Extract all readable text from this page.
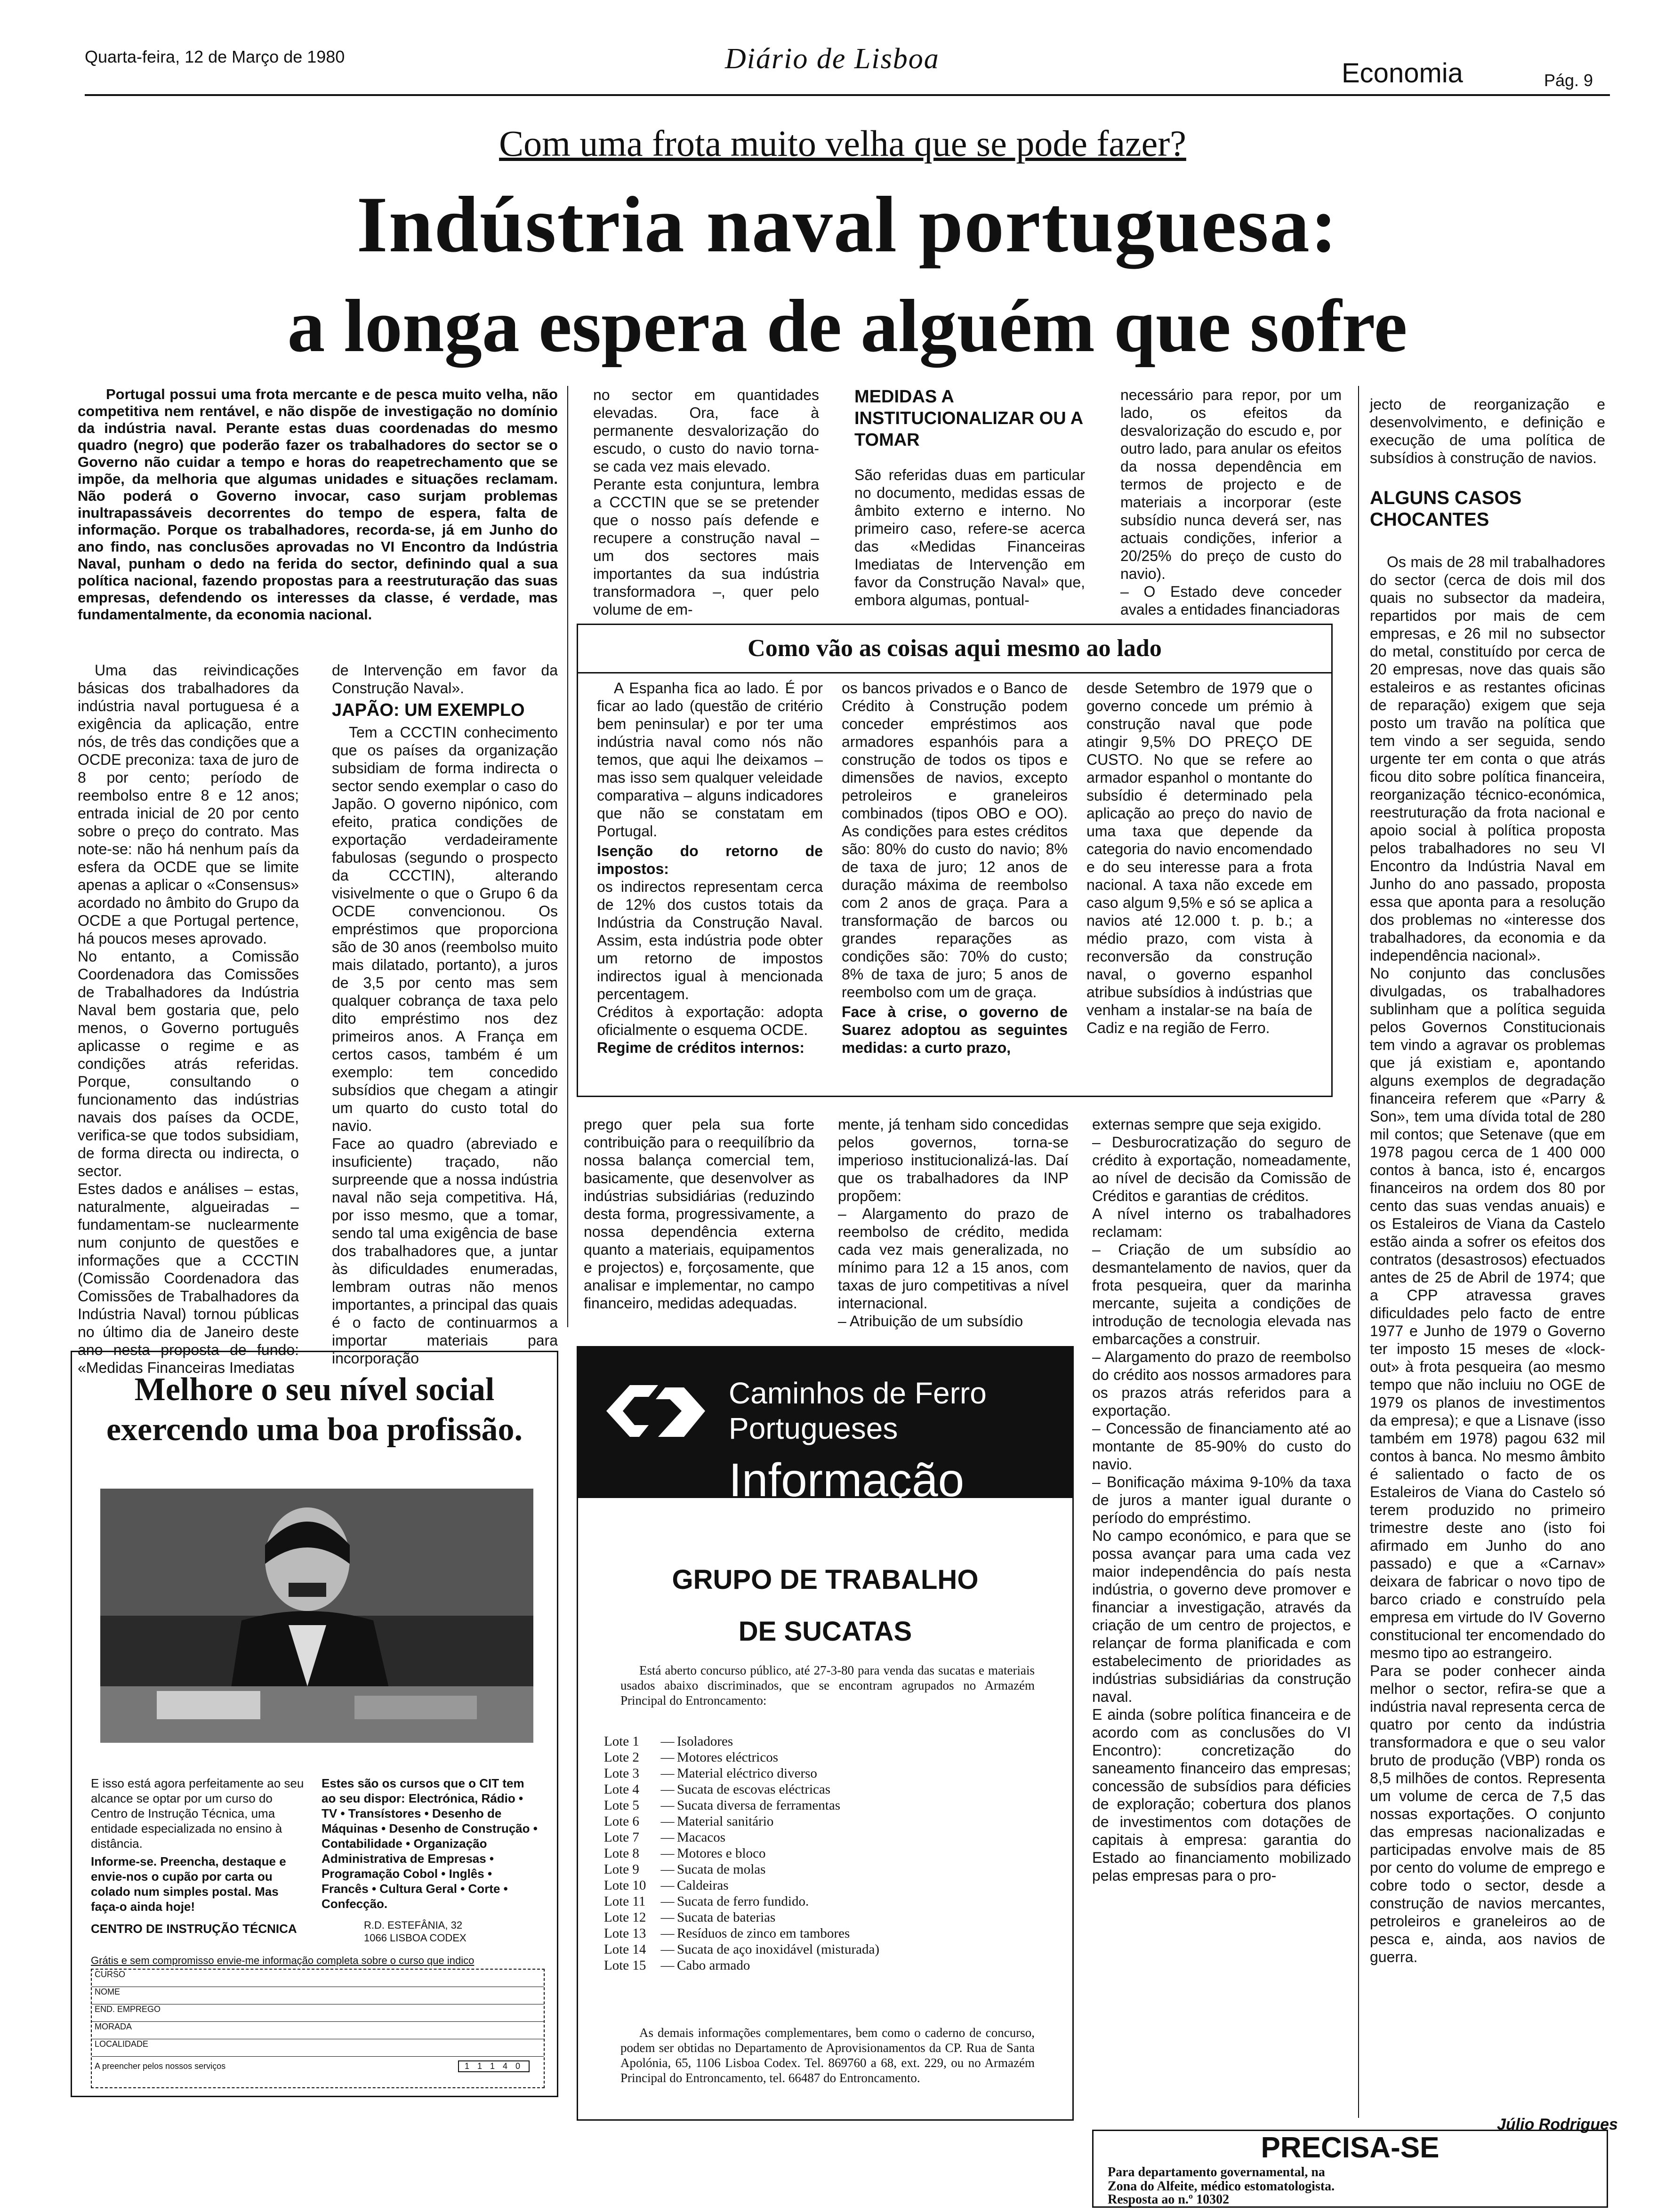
Quarta-feira, 12 de Março de 1980	Diário de Lisboa	Economia	Pág. 9
Com uma frota muito velha que se pode fazer?
Indústria naval portuguesa:
a longa espera de alguém que sofre
Portugal possui uma frota mercante e de pesca muito velha, não competitiva nem rentável, e não dispõe de investigação no domínio da indústria naval. Perante estas duas coordenadas do mesmo quadro (negro) que poderão fazer os trabalhadores do sector se o Governo não cuidar a tempo e horas do reapetrechamento que se impõe, da melhoria que algumas unidades e situações reclamam. Não poderá o Governo invocar, caso surjam problemas inultrapassáveis decorrentes do tempo de espera, falta de informação. Porque os trabalhadores, recorda-se, já em Junho do ano findo, nas conclusões aprovadas no VI Encontro da Indústria Naval, punham o dedo na ferida do sector, definindo qual a sua política nacional, fazendo propostas para a reestruturação das suas empresas, defendendo os interesses da classe, é verdade, mas fundamentalmente, da economia nacional.
no sector em quantidades elevadas. Ora, face à permanente desvalorização do escudo, o custo do navio torna-se cada vez mais elevado.
Perante esta conjuntura, lembra a CCCTIN que se se pretender que o nosso país defende e recupere a construção naval – um dos sectores mais importantes da sua indústria transformadora –, quer pelo volume de em-
MEDIDAS A INSTITUCIONALIZAR OU A TOMAR
São referidas duas em particular no documento, medidas essas de âmbito externo e interno. No primeiro caso, refere-se acerca das «Medidas Financeiras Imediatas de Intervenção em favor da Construção Naval» que, embora algumas, pontual-
necessário para repor, por um lado, os efeitos da desvalorização do escudo e, por outro lado, para anular os efeitos da nossa dependência em termos de projecto e de materiais a incorporar (este subsídio nunca deverá ser, nas actuais condições, inferior a 20/25% do preço de custo do navio).
– O Estado deve conceder avales a entidades financiadoras
jecto de reorganização e desenvolvimento, e definição e execução de uma política de subsídios à construção de navios.
ALGUNS CASOS CHOCANTES
Como vão as coisas aqui mesmo ao lado
A Espanha fica ao lado. É por ficar ao lado (questão de critério bem peninsular) e por ter uma indústria naval como nós não temos, que aqui lhe deixamos – mas isso sem qualquer veleidade comparativa – alguns indicadores que não se constatam em Portugal.
Isenção do retorno de impostos:
os indirectos representam cerca de 12% dos custos totais da Indústria da Construção Naval. Assim, esta indústria pode obter um retorno de impostos indirectos igual à mencionada percentagem.
Créditos à exportação: adopta oficialmente o esquema OCDE.
Regime de créditos internos:
os bancos privados e o Banco de Crédito à Construção podem conceder empréstimos aos armadores espanhóis para a construção de todos os tipos e dimensões de navios, excepto petroleiros e graneleiros combinados (tipos OBO e OO). As condições para estes créditos são: 80% do custo do navio; 8% de taxa de juro; 12 anos de duração máxima de reembolso com 2 anos de graça. Para a transformação de barcos ou grandes reparações as condições são: 70% do custo; 8% de taxa de juro; 5 anos de reembolso com um de graça.
Face à crise, o governo de Suarez adoptou as seguintes medidas: a curto prazo,
desde Setembro de 1979 que o governo concede um prémio à construção naval que pode atingir 9,5% DO PREÇO DE CUSTO. No que se refere ao armador espanhol o montante do subsídio é determinado pela aplicação ao preço do navio de uma taxa que depende da categoria do navio encomendado e do seu interesse para a frota nacional. A taxa não excede em caso algum 9,5% e só se aplica a navios até 12.000 t. p. b.; a médio prazo, com vista à reconversão da construção naval, o governo espanhol atribue subsídios à indústrias que venham a instalar-se na baía de Cadiz e na região de Ferro.
Uma das reivindicações básicas dos trabalhadores da indústria naval portuguesa é a exigência da aplicação, entre nós, de três das condições que a OCDE preconiza: taxa de juro de 8 por cento; período de reembolso entre 8 e 12 anos; entrada inicial de 20 por cento sobre o preço do contrato. Mas note-se: não há nenhum país da esfera da OCDE que se limite apenas a aplicar o «Consensus» acordado no âmbito do Grupo da OCDE a que Portugal pertence, há poucos meses aprovado.
No entanto, a Comissão Coordenadora das Comissões de Trabalhadores da Indústria Naval bem gostaria que, pelo menos, o Governo português aplicasse o regime e as condições atrás referidas. Porque, consultando o funcionamento das indústrias navais dos países da OCDE, verifica-se que todos subsidiam, de forma directa ou indirecta, o sector.
Estes dados e análises – estas, naturalmente, algueiradas – fundamentam-se nuclearmente num conjunto de questões e informações que a CCCTIN (Comissão Coordenadora das Comissões de Trabalhadores da Indústria Naval) tornou públicas no último dia de Janeiro deste ano nesta proposta de fundo: «Medidas Financeiras Imediatas
de Intervenção em favor da Construção Naval».
JAPÃO: UM EXEMPLO
Tem a CCCTIN conhecimento que os países da organização subsidiam de forma indirecta o sector sendo exemplar o caso do Japão. O governo nipónico, com efeito, pratica condições de exportação verdadeiramente fabulosas (segundo o prospecto da CCCTIN), alterando visivelmente o que o Grupo 6 da OCDE convencionou. Os empréstimos que proporciona são de 30 anos (reembolso muito mais dilatado, portanto), a juros de 3,5 por cento mas sem qualquer cobrança de taxa pelo dito empréstimo nos dez primeiros anos. A França em certos casos, também é um exemplo: tem concedido subsídios que chegam a atingir um quarto do custo total do navio.
Face ao quadro (abreviado e insuficiente) traçado, não surpreende que a nossa indústria naval não seja competitiva. Há, por isso mesmo, que a tomar, sendo tal uma exigência de base dos trabalhadores que, a juntar às dificuldades enumeradas, lembram outras não menos importantes, a principal das quais é o facto de continuarmos a importar materiais para incorporação
prego quer pela sua forte contribuição para o reequilíbrio da nossa balança comercial tem, basicamente, que desenvolver as indústrias subsidiárias (reduzindo desta forma, progressivamente, a nossa dependência externa quanto a materiais, equipamentos e projectos) e, forçosamente, que analisar e implementar, no campo financeiro, medidas adequadas.
mente, já tenham sido concedidas pelos governos, torna-se imperioso institucionalizá-las. Daí que os trabalhadores da INP propõem:
– Alargamento do prazo de reembolso de crédito, medida cada vez mais generalizada, no mínimo para 12 a 15 anos, com taxas de juro competitivas a nível internacional.
– Atribuição de um subsídio
externas sempre que seja exigido.
– Desburocratização do seguro de crédito à exportação, nomeadamente, ao nível de decisão da Comissão de Créditos e garantias de créditos.
A nível interno os trabalhadores reclamam:
– Criação de um subsídio ao desmantelamento de navios, quer da frota pesqueira, quer da marinha mercante, sujeita a condições de introdução de tecnologia elevada nas embarcações a construir.
– Alargamento do prazo de reembolso do crédito aos nossos armadores para os prazos atrás referidos para a exportação.
– Concessão de financiamento até ao montante de 85-90% do custo do navio.
– Bonificação máxima 9-10% da taxa de juros a manter igual durante o período do empréstimo.
No campo económico, e para que se possa avançar para uma cada vez maior independência do país nesta indústria, o governo deve promover e financiar a investigação, através da criação de um centro de projectos, e relançar de forma planificada e com estabelecimento de prioridades as indústrias subsidiárias da construção naval.
E ainda (sobre política financeira e de acordo com as conclusões do VI Encontro): concretização do saneamento financeiro das empresas; concessão de subsídios para déficies de exploração; cobertura dos planos de investimentos com dotações de capitais à empresa: garantia do Estado ao financiamento mobilizado pelas empresas para o pro-
Os mais de 28 mil trabalhadores do sector (cerca de dois mil dos quais no subsector da madeira, repartidos por mais de cem empresas, e 26 mil no subsector do metal, constituído por cerca de 20 empresas, nove das quais são estaleiros e as restantes oficinas de reparação) exigem que seja posto um travão na política que tem vindo a ser seguida, sendo urgente ter em conta o que atrás ficou dito sobre política financeira, reorganização técnico-económica, reestruturação da frota nacional e apoio social à política proposta pelos trabalhadores no seu VI Encontro da Indústria Naval em Junho do ano passado, proposta essa que aponta para a resolução dos problemas no «interesse dos trabalhadores, da economia e da independência nacional».
No conjunto das conclusões divulgadas, os trabalhadores sublinham que a política seguida pelos Governos Constitucionais tem vindo a agravar os problemas que já existiam e, apontando alguns exemplos de degradação financeira referem que «Parry & Son», tem uma dívida total de 280 mil contos; que Setenave (que em 1978 pagou cerca de 1 400 000 contos à banca, isto é, encargos financeiros na ordem dos 80 por cento das suas vendas anuais) e os Estaleiros de Viana da Castelo estão ainda a sofrer os efeitos dos contratos (desastrosos) efectuados antes de 25 de Abril de 1974; que a CPP atravessa graves dificuldades pelo facto de entre 1977 e Junho de 1979 o Governo ter imposto 15 meses de «lock-out» à frota pesqueira (ao mesmo tempo que não incluiu no OGE de 1979 os planos de investimentos da empresa); e que a Lisnave (isso também em 1978) pagou 632 mil contos à banca. No mesmo âmbito é salientado o facto de os Estaleiros de Viana do Castelo só terem produzido no primeiro trimestre deste ano (isto foi afirmado em Junho do ano passado) e que a «Carnav» deixara de fabricar o novo tipo de barco criado e construído pela empresa em virtude do IV Governo constitucional ter encomendado do mesmo tipo ao estrangeiro.
Para se poder conhecer ainda melhor o sector, refira-se que a indústria naval representa cerca de quatro por cento da indústria transformadora e que o seu valor bruto de produção (VBP) ronda os 8,5 milhões de contos. Representa um volume de cerca de 7,5 das nossas exportações. O conjunto das empresas nacionalizadas e participadas envolve mais de 85 por cento do volume de emprego e cobre todo o sector, desde a construção de navios mercantes, petroleiros e graneleiros ao de pesca e, ainda, aos navios de guerra.
Júlio Rodrigues
Melhore o seu nível social
exercendo uma boa profissão.
E isso está agora perfeitamente ao seu alcance se optar por um curso do Centro de Instrução Técnica, uma entidade especializada no ensino à distância.
Informe-se. Preencha, destaque e envie-nos o cupão por carta ou colado num simples postal. Mas faça-o ainda hoje!
Estes são os cursos que o CIT tem ao seu dispor: Electrónica, Rádio • TV • Transístores • Desenho de Máquinas • Desenho de Construção • Contabilidade • Organização Administrativa de Empresas • Programação Cobol • Inglês • Francês • Cultura Geral • Corte • Confecção.
CENTRO DE INSTRUÇÃO TÉCNICA	R.D. ESTEFÂNIA, 32
1066 LISBOA CODEX
Grátis e sem compromisso envie-me informação completa sobre o curso que indico
CURSO
NOME
END. EMPREGO
MORADA
LOCALIDADE
A preencher pelos nossos serviços	1 1 1 4 0
Caminhos de Ferro
Portugueses
Informação
GRUPO DE TRABALHO
DE SUCATAS
Está aberto concurso público, até 27-3-80 para venda das sucatas e materiais usados abaixo discriminados, que se encontram agrupados no Armazém Principal do Entroncamento:
Lote 1	— Isoladores
Lote 2	— Motores eléctricos
Lote 3	— Material eléctrico diverso
Lote 4	— Sucata de escovas eléctricas
Lote 5	— Sucata diversa de ferramentas
Lote 6	— Material sanitário
Lote 7	— Macacos
Lote 8	— Motores e bloco
Lote 9	— Sucata de molas
Lote 10	— Caldeiras
Lote 11	— Sucata de ferro fundido.
Lote 12	— Sucata de baterias
Lote 13	— Resíduos de zinco em tambores
Lote 14	— Sucata de aço inoxidável (misturada)
Lote 15	— Cabo armado
As demais informações complementares, bem como o caderno de concurso, podem ser obtidas no Departamento de Aprovisionamentos da CP. Rua de Santa Apolónia, 65, 1106 Lisboa Codex. Tel. 869760 a 68, ext. 229, ou no Armazém Principal do Entroncamento, tel. 66487 do Entroncamento.
PRECISA-SE
Para departamento governamental, na
Zona do Alfeite, médico estomatologista.
Resposta ao n.º 10302
